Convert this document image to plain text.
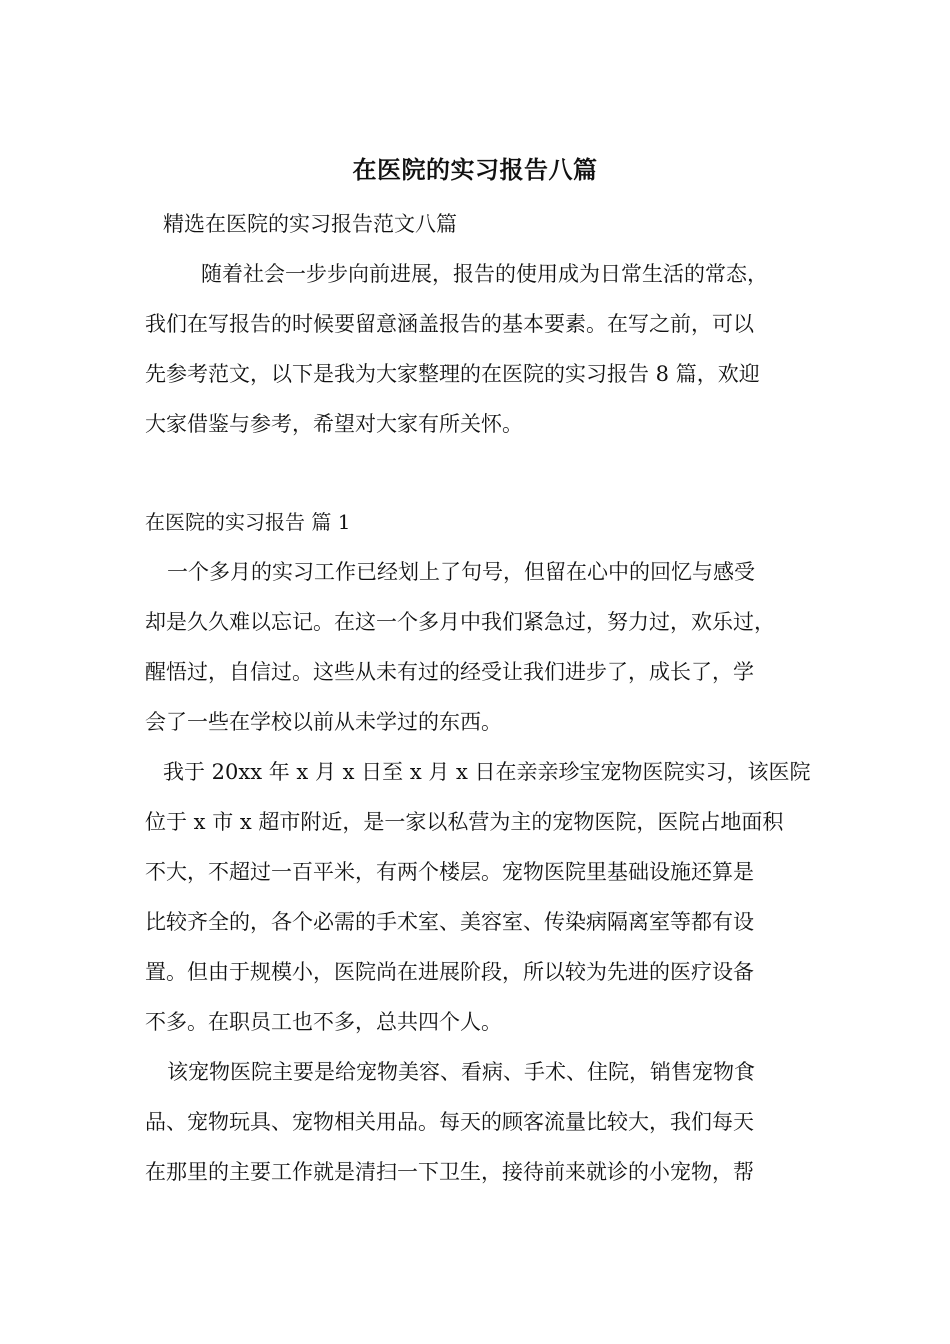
在医院的实习报告八篇
精选在医院的实习报告范文八篇
随着社会一步步向前进展，报告的使用成为日常生活的常态，
我们在写报告的时候要留意涵盖报告的基本要素。在写之前，可以
先参考范文，以下是我为大家整理的在医院的实习报告 8 篇，欢迎
大家借鉴与参考，希望对大家有所关怀。
在医院的实习报告 篇 1
一个多月的实习工作已经划上了句号，但留在心中的回忆与感受
却是久久难以忘记。在这一个多月中我们紧急过，努力过，欢乐过，
醒悟过，自信过。这些从未有过的经受让我们进步了，成长了，学
会了一些在学校以前从未学过的东西。
我于 20xx 年 x 月 x 日至 x 月 x 日在亲亲珍宝宠物医院实习，该医院
位于 x 市 x 超市附近，是一家以私营为主的宠物医院，医院占地面积
不大，不超过一百平米，有两个楼层。宠物医院里基础设施还算是
比较齐全的，各个必需的手术室、美容室、传染病隔离室等都有设
置。但由于规模小，医院尚在进展阶段，所以较为先进的医疗设备
不多。在职员工也不多，总共四个人。
该宠物医院主要是给宠物美容、看病、手术、住院，销售宠物食
品、宠物玩具、宠物相关用品。每天的顾客流量比较大，我们每天
在那里的主要工作就是清扫一下卫生，接待前来就诊的小宠物，帮
